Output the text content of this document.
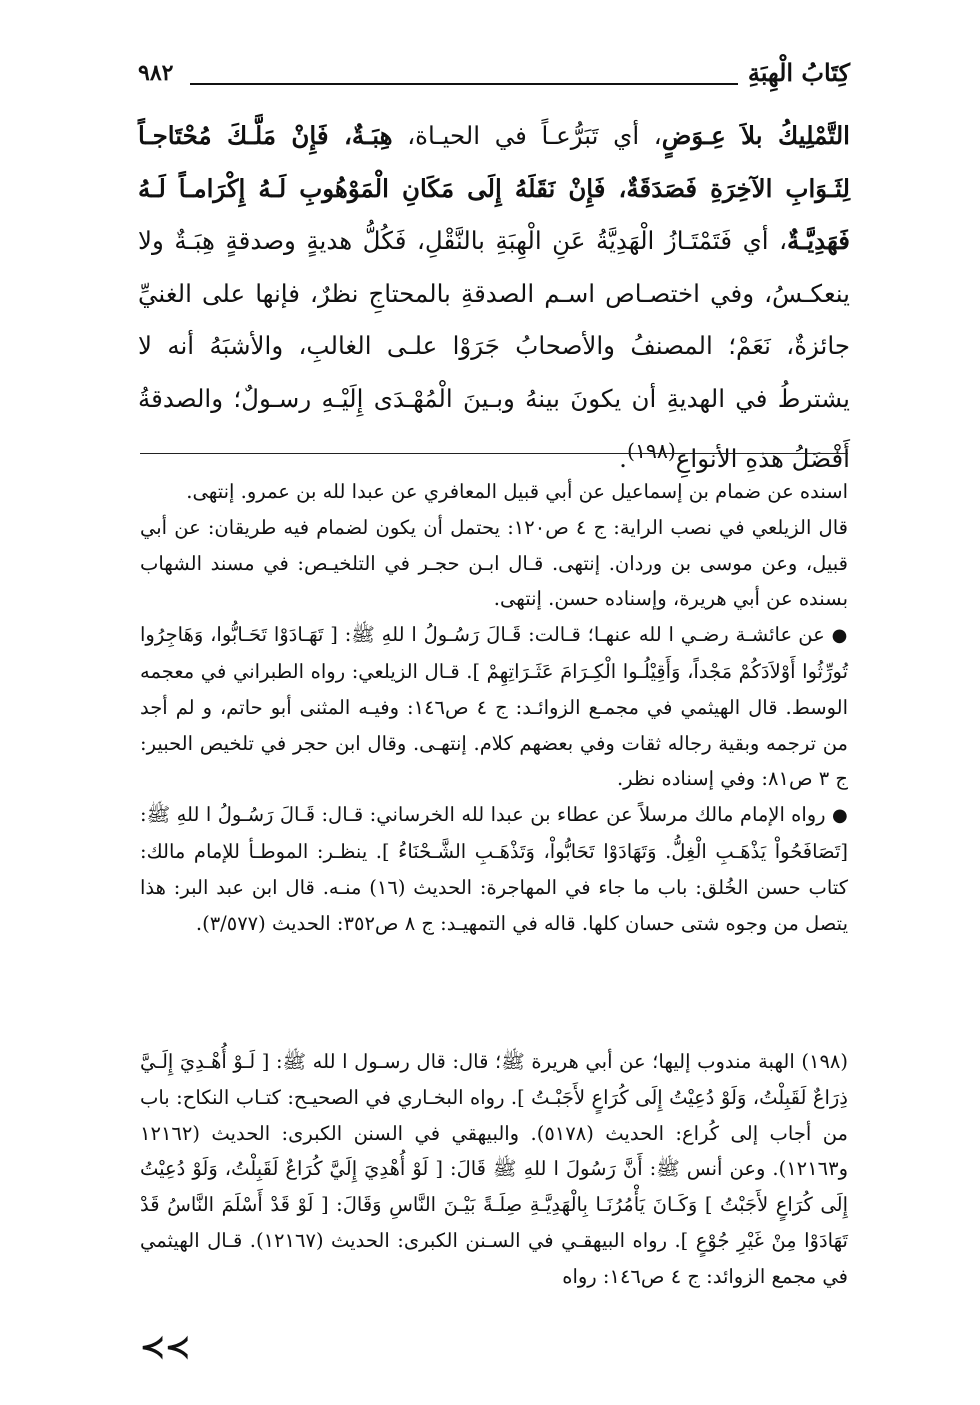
كِتَابُ الْهِبَةِ
٩٨٢

التَّمْلِيكُ بلاَ عِـوَضٍ، أي تَبَرُّعـاً في الحيـاة، هِبَـةٌ، فَإِنْ مَلَّـكَ مُحْتَاجـاً لِثَـوَابِ الآخِرَةِ فَصَدَقَةٌ، فَإِنْ نَقَلَهُ إِلَى مَكَانِ الْمَوْهُوبِ لَـهُ إِكْرَامـاً لَـهُ فَهَدِيَّـةٌ، أي فَتَمْتَـازُ الْهَدِيَّةُ عَنِ الْهِبَةِ بالنَّقْلِ، فَكُلُّ هديةٍ وصدقةٍ هِبَـةٌ ولا ينعكـسُ، وفي اختصـاص اسـم الصدقةِ بالمحتاجِ نظرٌ، فإنها على الغنيِّ جائزةٌ، نَعَمْ؛ المصنفُ والأصحابُ جَرَوْا علـى الغالبِ، والأشبَهُ أنه لا يشترطُ في الهديةِ أن يكونَ بينهُ وبـينَ الْمُهْـدَى إِلَيْـهِ رسـولٌ؛ والصدقةُ أَفْضَلُ هذهِ الأنواعِ$^{(١٩٨)}$.

اسنده عن ضمام بن إسماعيل عن أبي قبيل المعافري عن عبدا لله بن عمرو. إنتهى.

قال الزيلعي في نصب الراية: ج ٤ ص١٢٠: يحتمل أن يكون لضمام فيه طريقان: عن أبي قبيل، وعن موسى بن وردان. إنتهى. قـال ابـن حجـر في التلخيـص: في مسند الشهاب بسنده عن أبي هريرة، وإسناده حسن. إنتهى.

● عن عائشـة رضـي ا لله عنهـا؛ قـالت: قَـالَ رَسُـولُ ا للهِ ﷺ: [ تَهَـادَوْا تَحَـابُّوا، وَهَاجِرُوا تُورِّثُوا أَوْلاَدَكُمْ مَجْداً، وَأَقِيْلُـوا الْكِـرَامَ عَثَـرَاتِهِمْ ]. قـال الزيلعي: رواه الطبراني في معجمه الوسط. قال الهيثمي في مجمـع الزوائـد: ج ٤ ص١٤٦: وفيـه المثنى أبو حاتم، و لم أجد من ترجمه وبقية رجاله ثقات وفي بعضهم كلام. إنتهـى. وقال ابن حجر في تلخيص الحبير: ج ٣ ص٨١: وفي إسناده نظر.

● رواه الإمام مالك مرسلاً عن عطاء بن عبدا لله الخرساني: قـال: قَـالَ رَسُـولُ ا للهِ ﷺ: [تَصَافَحُواْ يَذْهَـبِ الْغِلُّ. وَتَهَادَوْا تَحَابُّواْ، وَتَذْهَـبِ الشَّـحْنَاءُ ]. ينظـر: الموطـأ للإمام مالك: كتاب حسن الخُلق: باب ما جاء في المهاجرة: الحديث (١٦) منـه. قال ابن عبد البر: هذا يتصل من وجوه شتى حسان كلها. قاله في التمهيـد: ج ٨ ص٣٥٢: الحديث (٣/٥٧٧).

(١٩٨) الهبة مندوب إليها؛ عن أبي هريرة ﷺ؛ قال: قال رسـول ا لله ﷺ: [ لَـوْ أُهْـدِيَ إِلَـيَّ ذِرَاعٌ لَقَبِلْتُ، وَلَوْ دُعِيْتُ إِلَى كُرَاعٍ لأَجَبْـتُ ]. رواه البخـاري في الصحيـح: كتـاب النكاح: باب من أجاب إلى كُراع: الحديث (٥١٧٨). والبيهقي في السنن الكبرى: الحديث (١٢١٦٢ و١٢١٦٣). وعن أنس ﷺ: أَنَّ رَسُولَ ا للهِ ﷺ قَالَ: [ لَوْ أُهْدِيَ إِلَيَّ كُرَاعٌ لَقَبِلْتُ، وَلَوْ دُعِيْتُ إِلَى كُرَاعٍ لأَجَبْتُ ] وَكَـانَ يَأْمُرُنَـا بِالْهَدِيَّـةِ صِلَـةً بَيْـنَ النَّاسِ وَقَالَ: [ لَوْ قَدْ أَسْلَمَ النَّاسُ قَدْ تَهَادَوْا مِنْ غَيْرِ جُوْعٍ ]. رواه البيهقـي في السـنن الكبرى: الحديث (١٢١٦٧). قـال الهيثمي في مجمع الزوائد: ج ٤ ص١٤٦: رواه

≺≺
